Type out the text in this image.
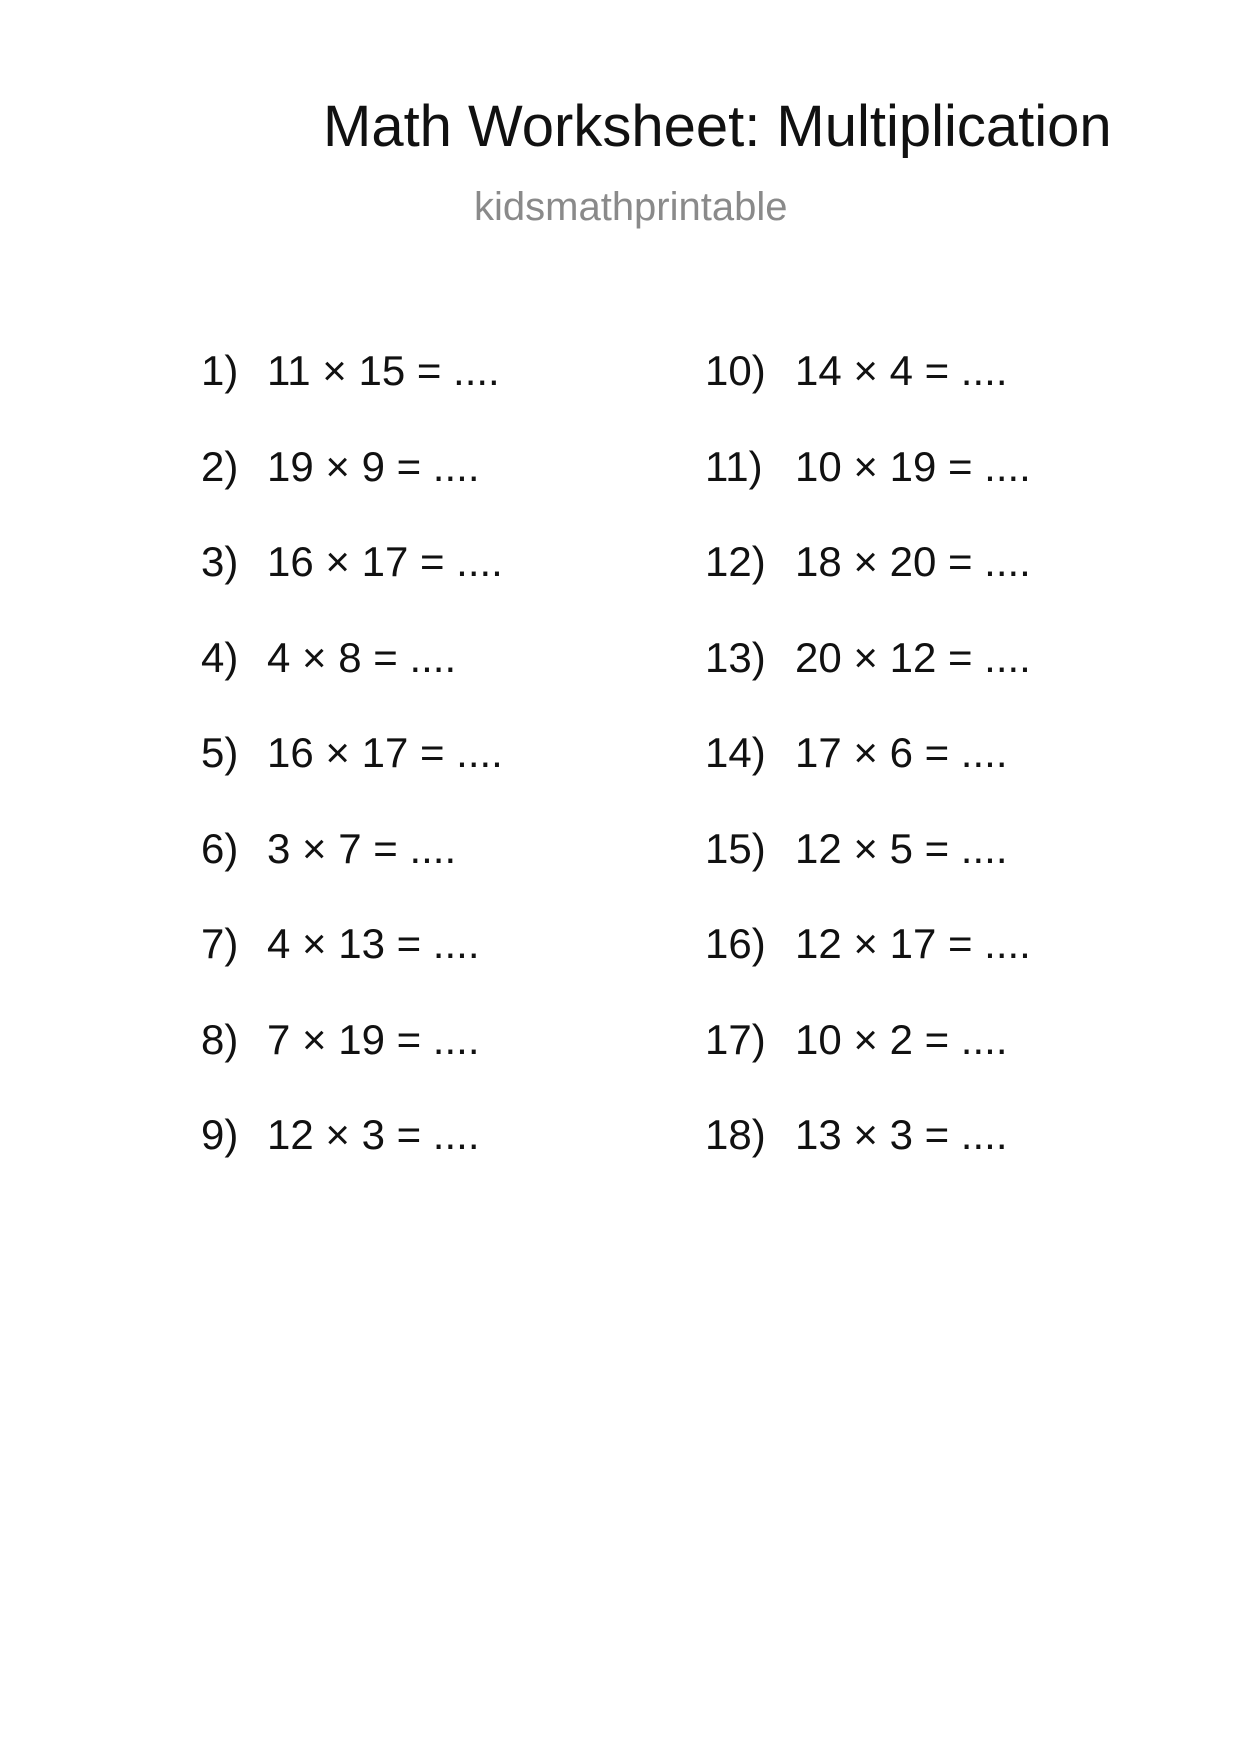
Math Worksheet: Multiplication
kidsmathprintable
1) 11 × 15 = ....
2) 19 × 9 = ....
3) 16 × 17 = ....
4) 4 × 8 = ....
5) 16 × 17 = ....
6) 3 × 7 = ....
7) 4 × 13 = ....
8) 7 × 19 = ....
9) 12 × 3 = ....
10) 14 × 4 = ....
11) 10 × 19 = ....
12) 18 × 20 = ....
13) 20 × 12 = ....
14) 17 × 6 = ....
15) 12 × 5 = ....
16) 12 × 17 = ....
17) 10 × 2 = ....
18) 13 × 3 = ....
